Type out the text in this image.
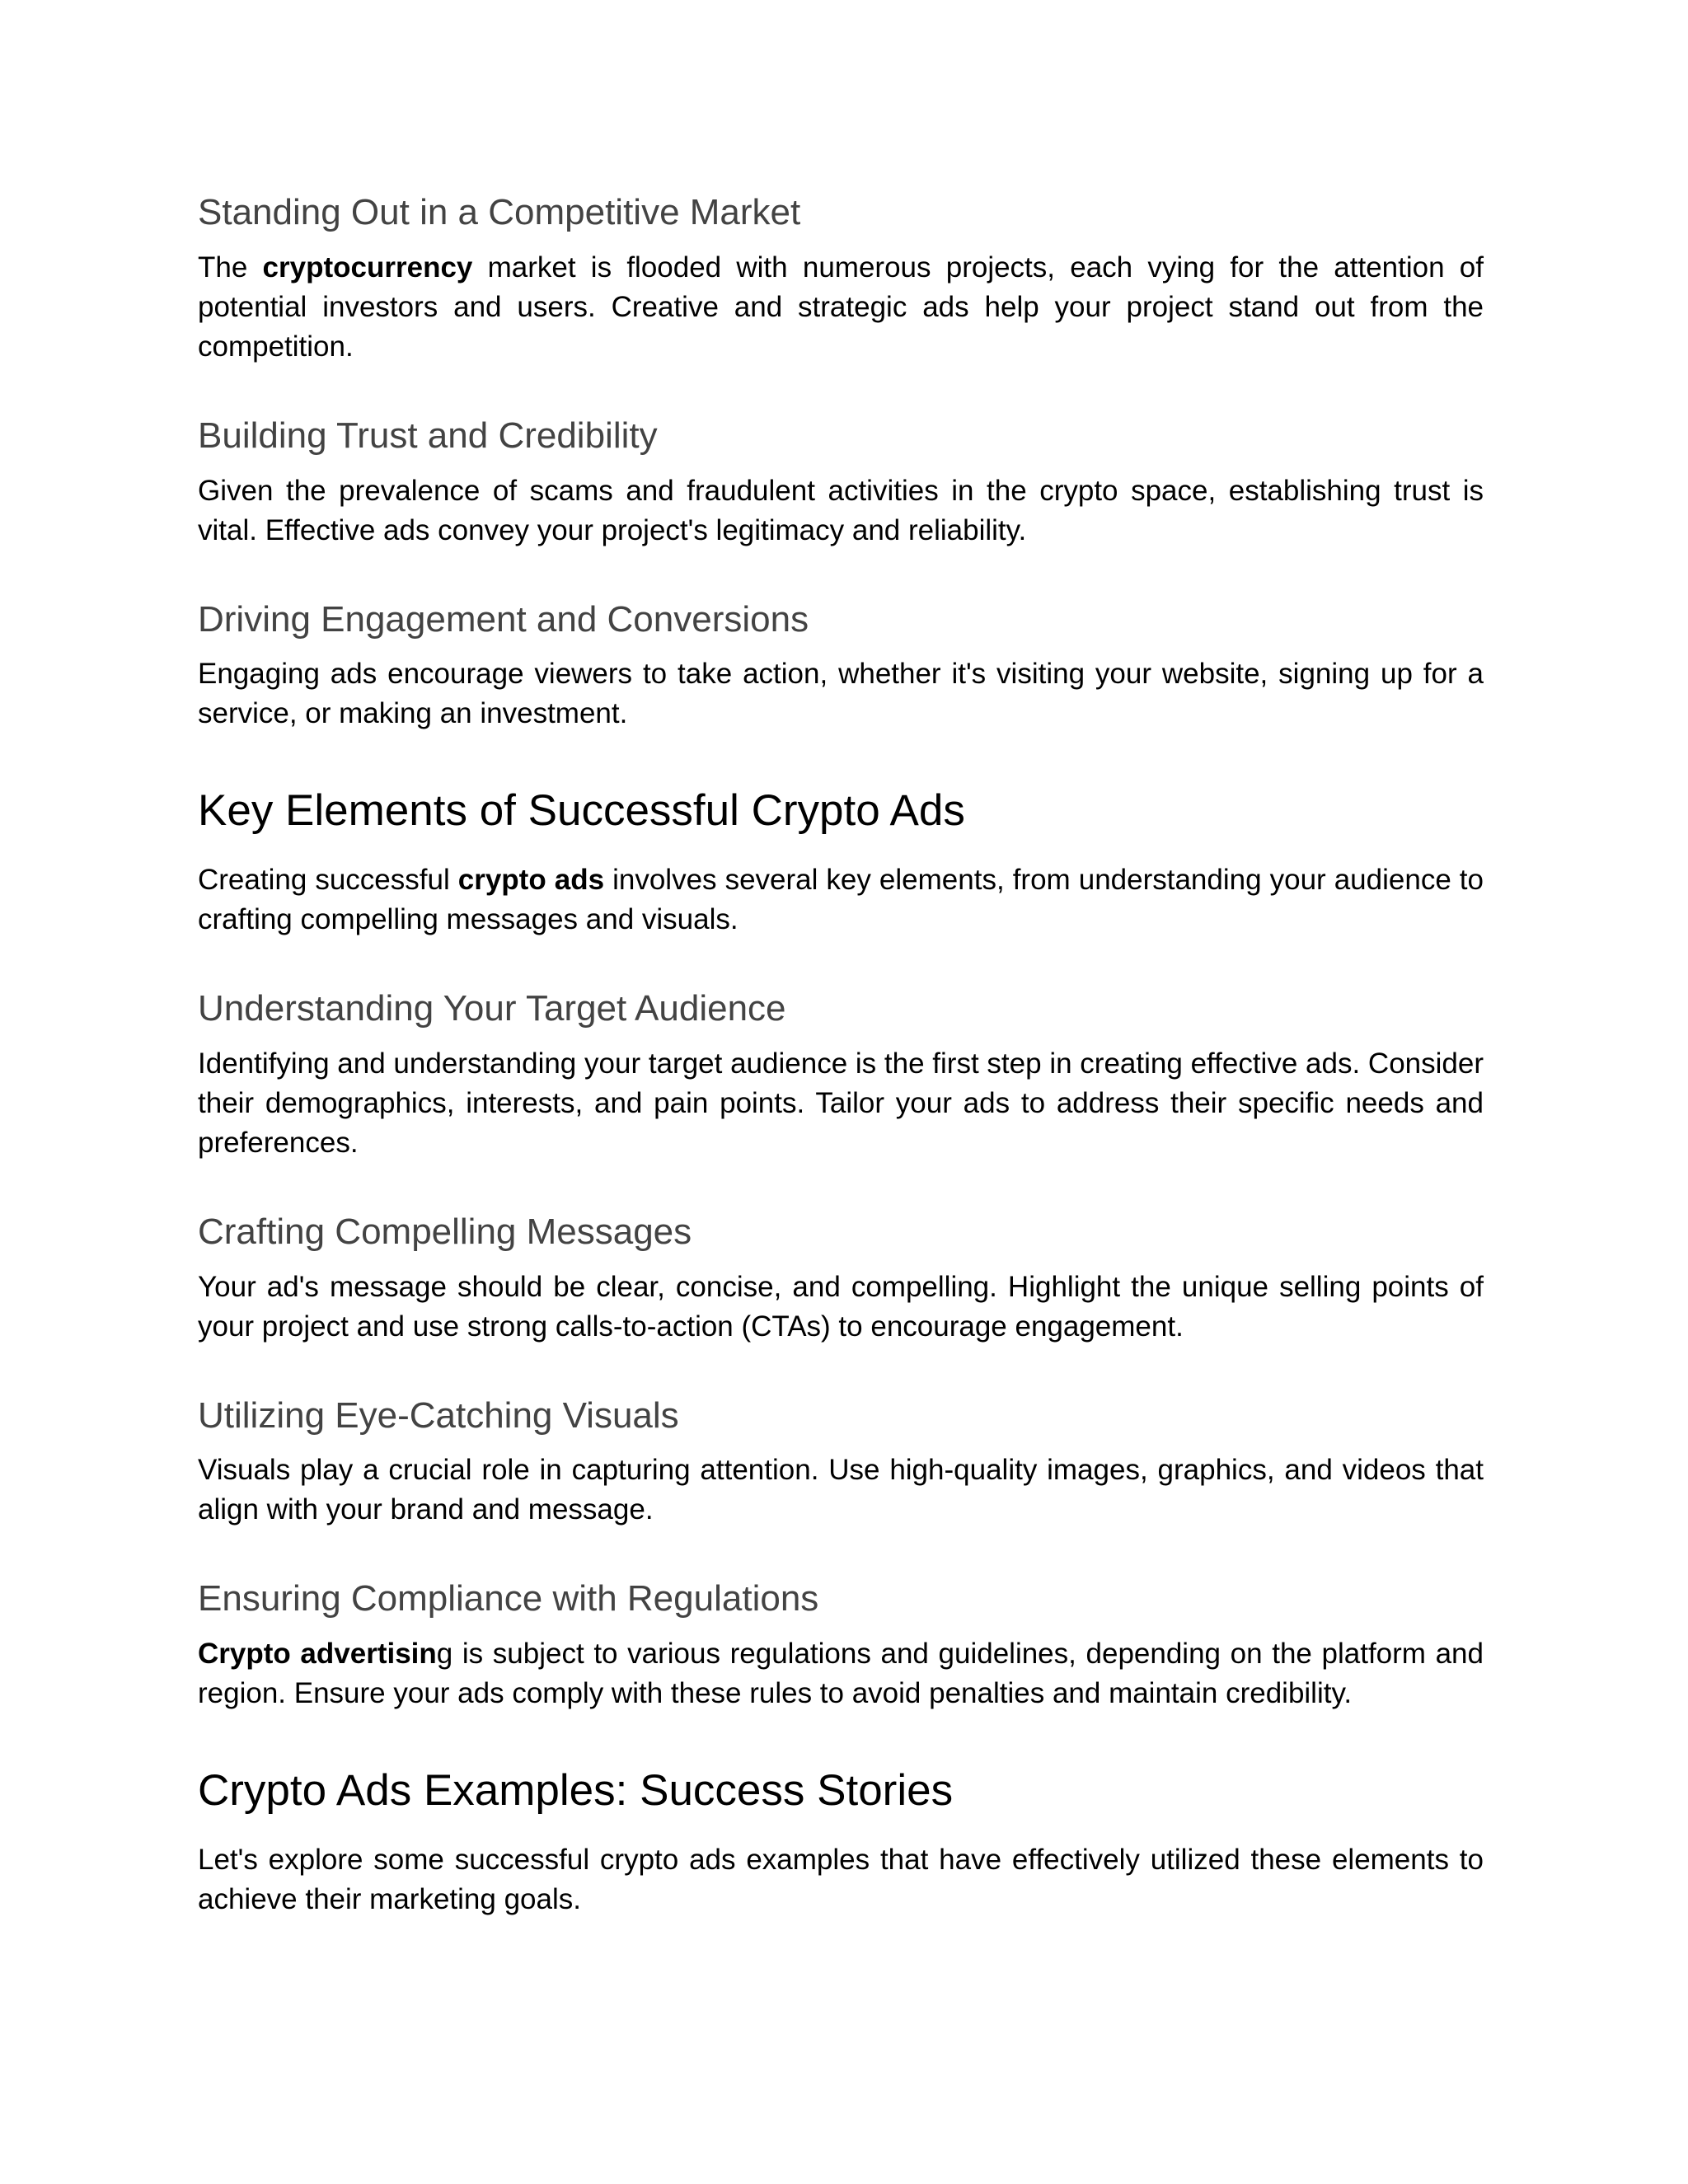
Standing Out in a Competitive Market

The cryptocurrency market is flooded with numerous projects, each vying for the attention of potential investors and users. Creative and strategic ads help your project stand out from the competition.

Building Trust and Credibility

Given the prevalence of scams and fraudulent activities in the crypto space, establishing trust is vital. Effective ads convey your project's legitimacy and reliability.

Driving Engagement and Conversions

Engaging ads encourage viewers to take action, whether it's visiting your website, signing up for a service, or making an investment.

Key Elements of Successful Crypto Ads

Creating successful crypto ads involves several key elements, from understanding your audience to crafting compelling messages and visuals.

Understanding Your Target Audience

Identifying and understanding your target audience is the first step in creating effective ads. Consider their demographics, interests, and pain points. Tailor your ads to address their specific needs and preferences.

Crafting Compelling Messages

Your ad's message should be clear, concise, and compelling. Highlight the unique selling points of your project and use strong calls-to-action (CTAs) to encourage engagement.

Utilizing Eye-Catching Visuals

Visuals play a crucial role in capturing attention. Use high-quality images, graphics, and videos that align with your brand and message.

Ensuring Compliance with Regulations

Crypto advertising is subject to various regulations and guidelines, depending on the platform and region. Ensure your ads comply with these rules to avoid penalties and maintain credibility.

Crypto Ads Examples: Success Stories

Let's explore some successful crypto ads examples that have effectively utilized these elements to achieve their marketing goals.
